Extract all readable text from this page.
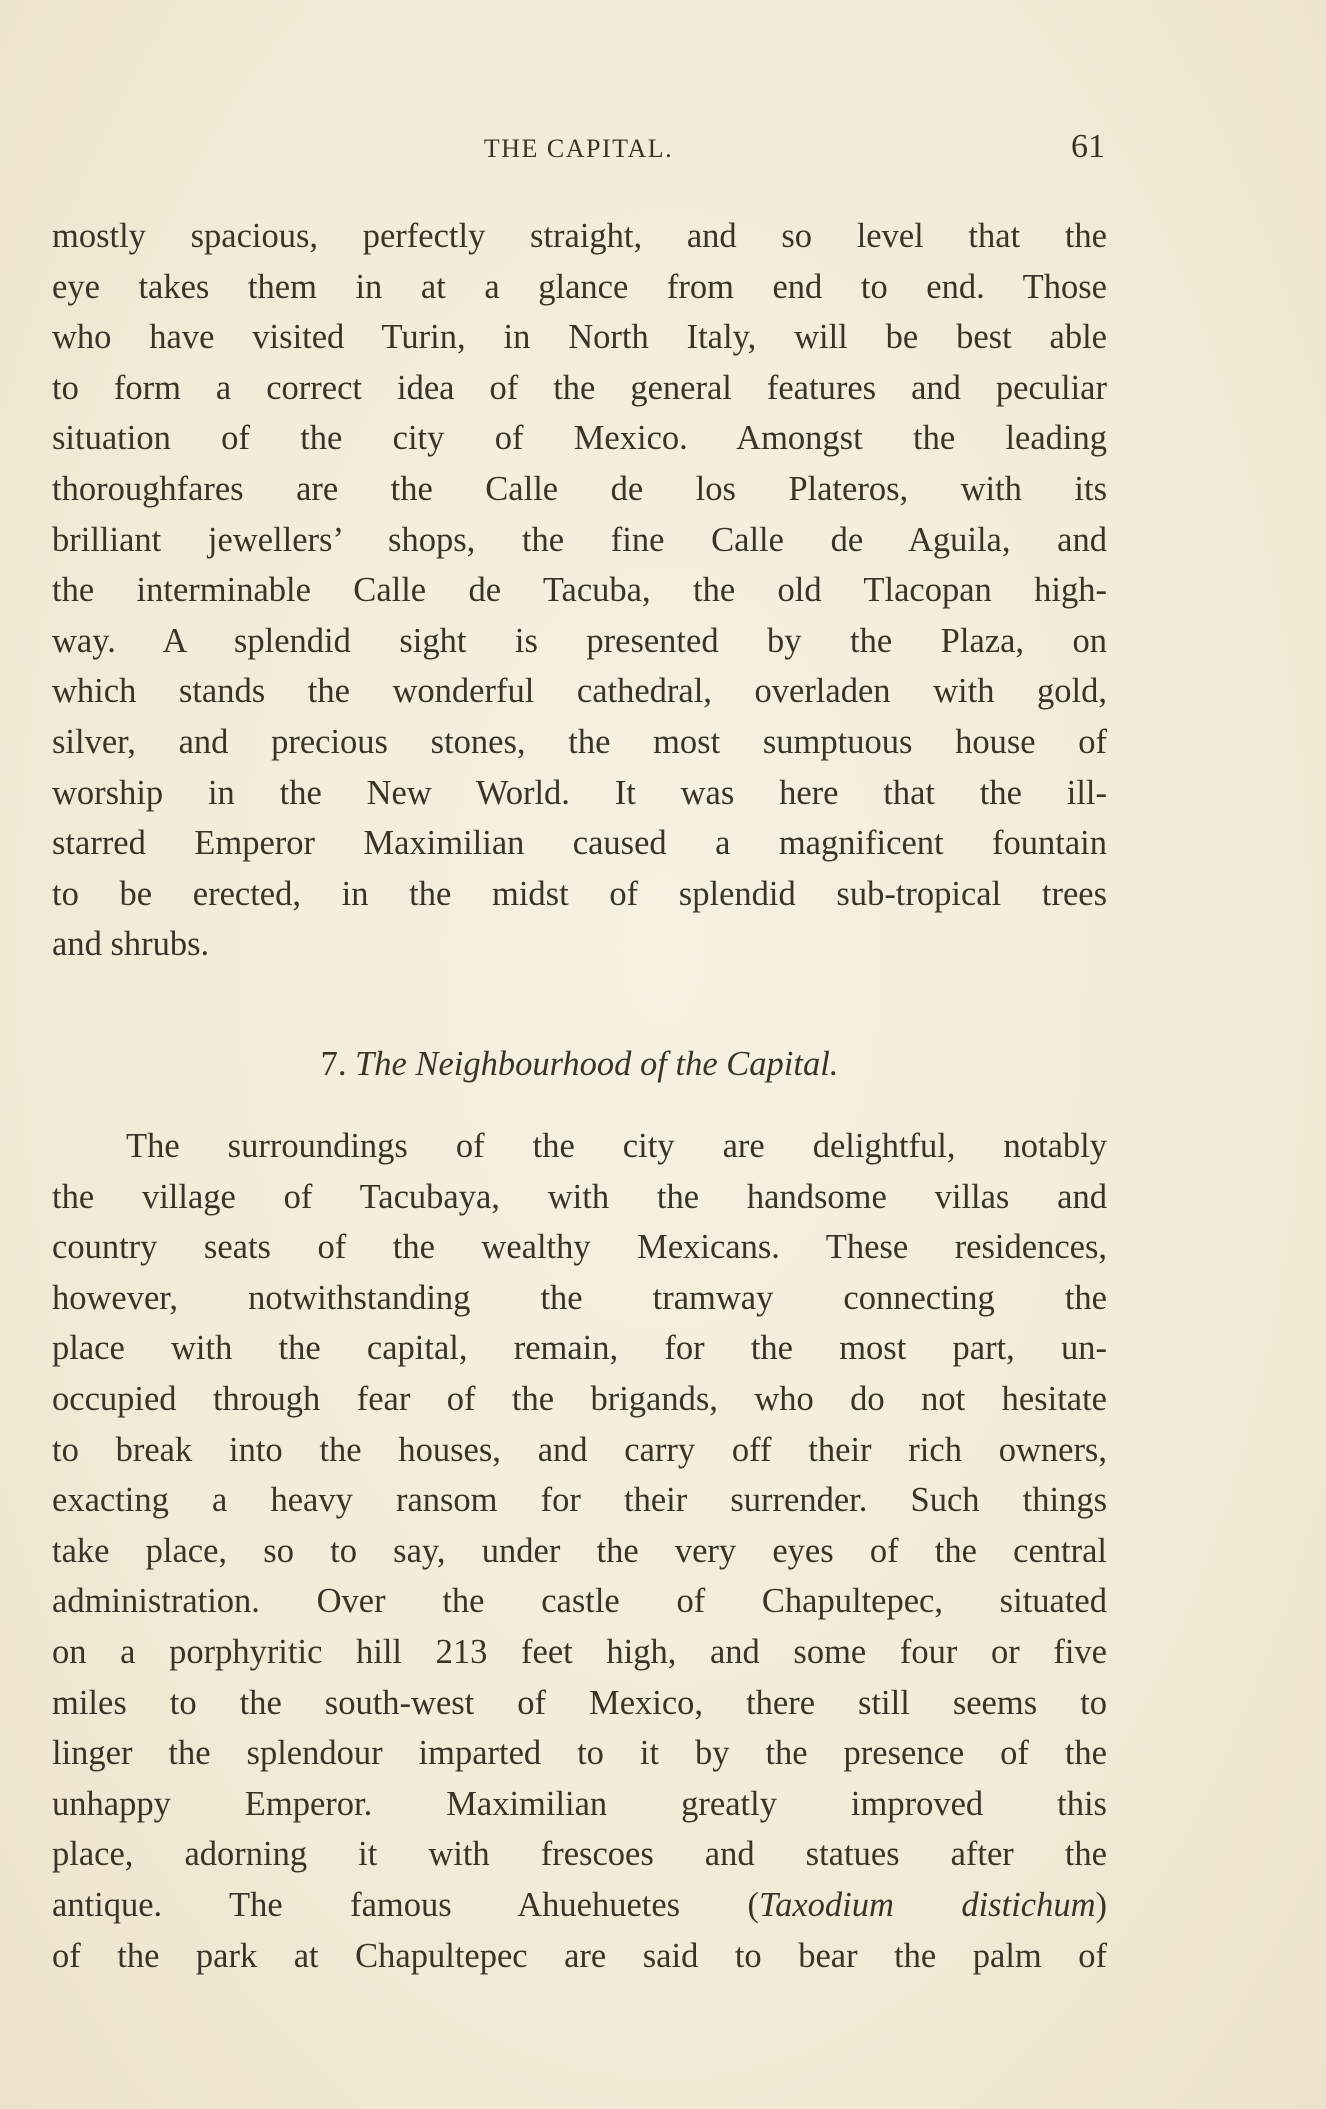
THE CAPITAL.	61
mostly spacious, perfectly straight, and so level that the
eye takes them in at a glance from end to end. Those
who have visited Turin, in North Italy, will be best able
to form a correct idea of the general features and peculiar
situation of the city of Mexico. Amongst the leading
thoroughfares are the Calle de los Plateros, with its
brilliant jewellers’ shops, the fine Calle de Aguila, and
the interminable Calle de Tacuba, the old Tlacopan high-
way. A splendid sight is presented by the Plaza, on
which stands the wonderful cathedral, overladen with gold,
silver, and precious stones, the most sumptuous house of
worship in the New World. It was here that the ill-
starred Emperor Maximilian caused a magnificent fountain
to be erected, in the midst of splendid sub-tropical trees
and shrubs.
7. The Neighbourhood of the Capital.
The surroundings of the city are delightful, notably
the village of Tacubaya, with the handsome villas and
country seats of the wealthy Mexicans. These residences,
however, notwithstanding the tramway connecting the
place with the capital, remain, for the most part, un-
occupied through fear of the brigands, who do not hesitate
to break into the houses, and carry off their rich owners,
exacting a heavy ransom for their surrender. Such things
take place, so to say, under the very eyes of the central
administration. Over the castle of Chapultepec, situated
on a porphyritic hill 213 feet high, and some four or five
miles to the south-west of Mexico, there still seems to
linger the splendour imparted to it by the presence of the
unhappy Emperor. Maximilian greatly improved this
place, adorning it with frescoes and statues after the
antique. The famous Ahuehuetes (Taxodium distichum)
of the park at Chapultepec are said to bear the palm of
